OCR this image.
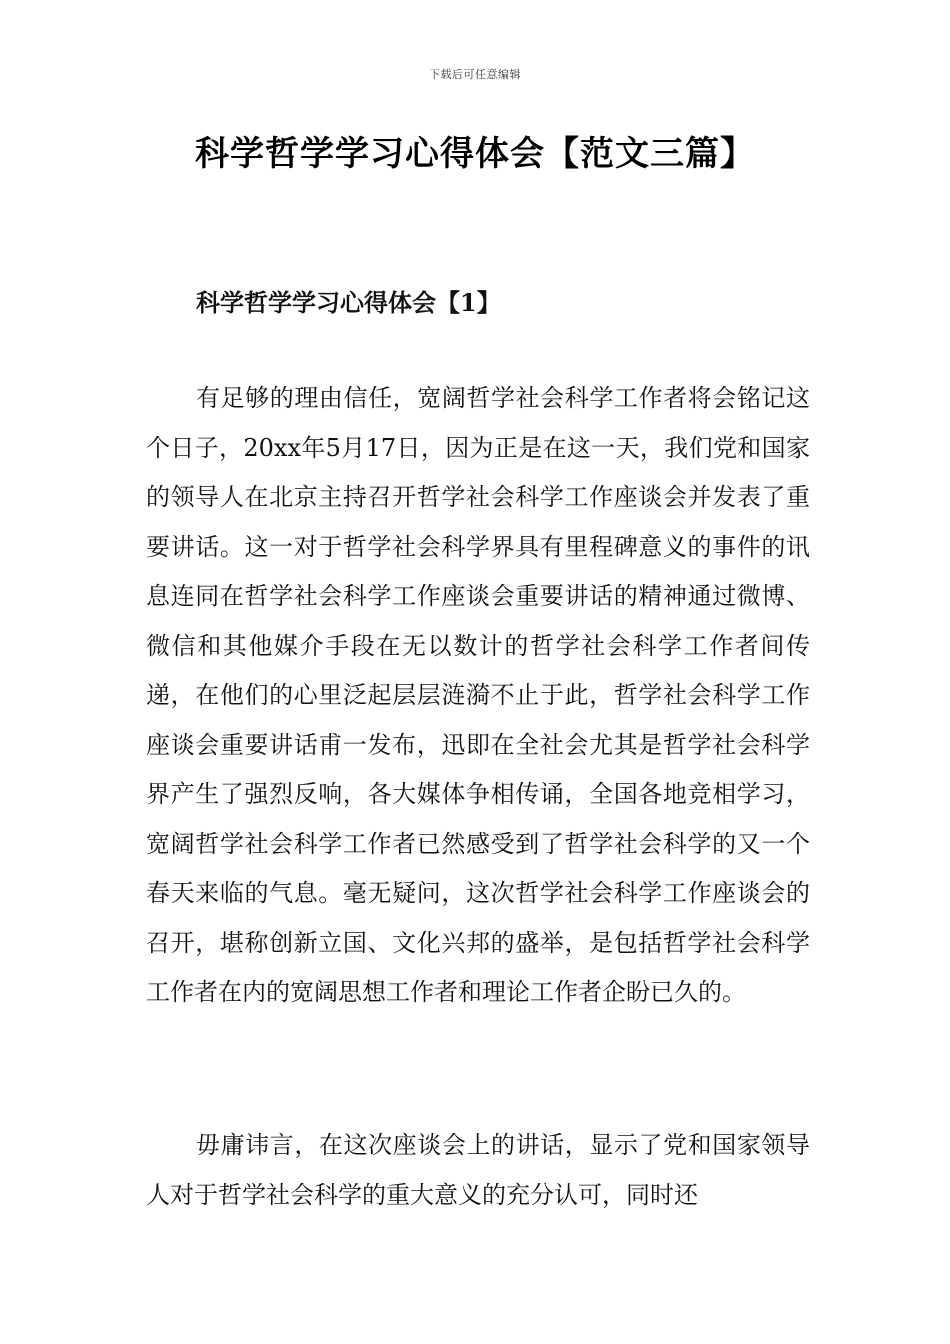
下载后可任意编辑
科学哲学学习心得体会【范文三篇】
科学哲学学习心得体会【1】

有足够的理由信任，宽阔哲学社会科学工作者将会铭记这个日子，20xx年5月17日，因为正是在这一天，我们党和国家的领导人在北京主持召开哲学社会科学工作座谈会并发表了重要讲话。这一对于哲学社会科学界具有里程碑意义的事件的讯息连同在哲学社会科学工作座谈会重要讲话的精神通过微博、微信和其他媒介手段在无以数计的哲学社会科学工作者间传递，在他们的心里泛起层层涟漪不止于此，哲学社会科学工作座谈会重要讲话甫一发布，迅即在全社会尤其是哲学社会科学界产生了强烈反响，各大媒体争相传诵，全国各地竞相学习，宽阔哲学社会科学工作者已然感受到了哲学社会科学的又一个春天来临的气息。毫无疑问，这次哲学社会科学工作座谈会的召开，堪称创新立国、文化兴邦的盛举，是包括哲学社会科学工作者在内的宽阔思想工作者和理论工作者企盼已久的。

毋庸讳言，在这次座谈会上的讲话，显示了党和国家领导人对于哲学社会科学的重大意义的充分认可，同时还
